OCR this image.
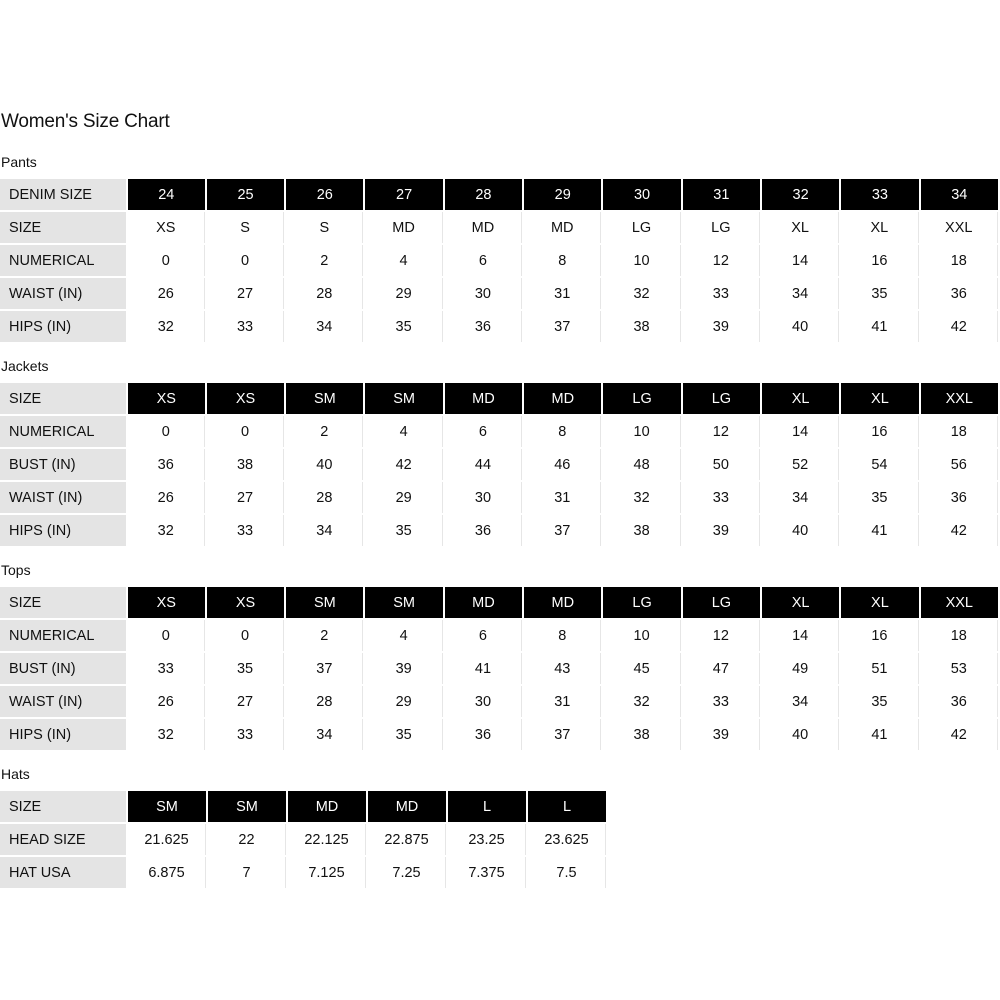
Women's Size Chart
Pants
DENIM SIZE	24	25	26	27	28	29	30	31	32	33	34
SIZE	XS	S	S	MD	MD	MD	LG	LG	XL	XL	XXL
NUMERICAL	0	0	2	4	6	8	10	12	14	16	18
WAIST (IN)	26	27	28	29	30	31	32	33	34	35	36
HIPS (IN)	32	33	34	35	36	37	38	39	40	41	42
Jackets
SIZE	XS	XS	SM	SM	MD	MD	LG	LG	XL	XL	XXL
NUMERICAL	0	0	2	4	6	8	10	12	14	16	18
BUST (IN)	36	38	40	42	44	46	48	50	52	54	56
WAIST (IN)	26	27	28	29	30	31	32	33	34	35	36
HIPS (IN)	32	33	34	35	36	37	38	39	40	41	42
Tops
SIZE	XS	XS	SM	SM	MD	MD	LG	LG	XL	XL	XXL
NUMERICAL	0	0	2	4	6	8	10	12	14	16	18
BUST (IN)	33	35	37	39	41	43	45	47	49	51	53
WAIST (IN)	26	27	28	29	30	31	32	33	34	35	36
HIPS (IN)	32	33	34	35	36	37	38	39	40	41	42
Hats
SIZE	SM	SM	MD	MD	L	L
HEAD SIZE	21.625	22	22.125	22.875	23.25	23.625
HAT USA	6.875	7	7.125	7.25	7.375	7.5
